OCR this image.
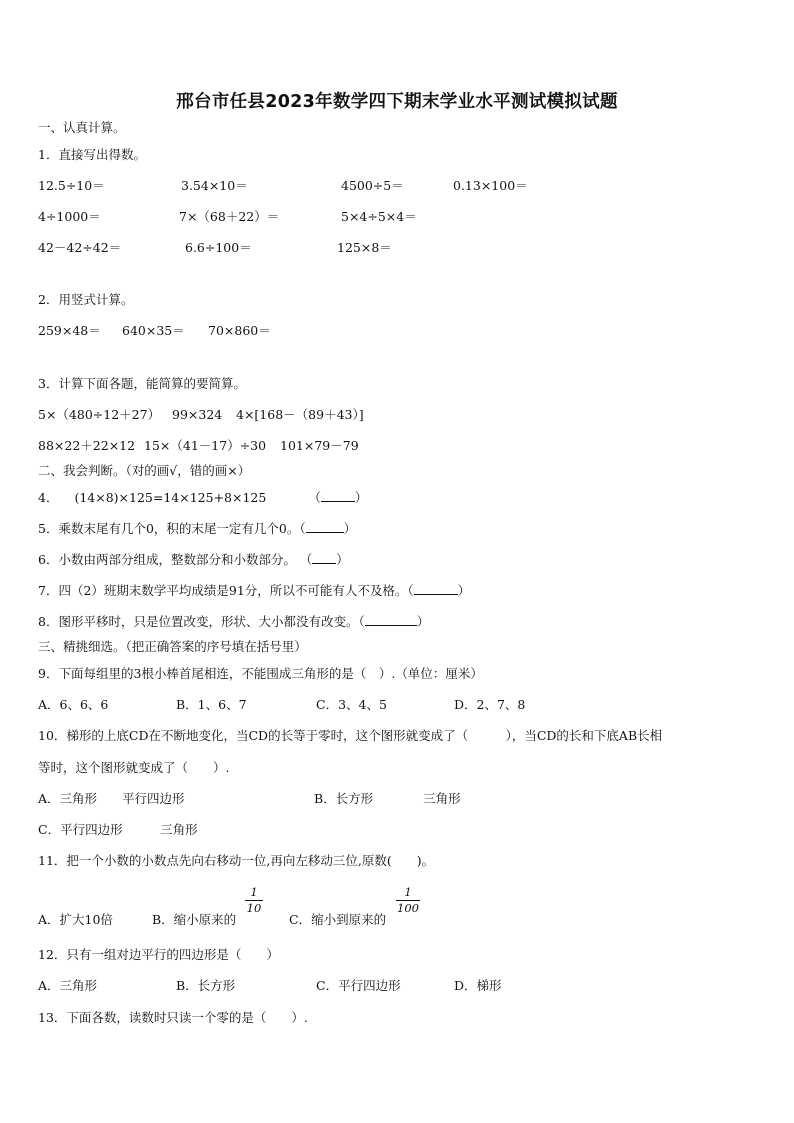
邢台市任县2023年数学四下期末学业水平测试模拟试题
一、认真计算。
1．直接写出得数。
12.5÷10＝	3.54×10＝	4500÷5＝	0.13×100＝
4÷1000＝	7×（68＋22）＝	5×4÷5×4＝
42－42÷42＝	6.6÷100＝	125×8＝
2．用竖式计算。
259×48＝ 640×35＝ 70×860＝
3．计算下面各题，能简算的要简算。
5×（480÷12＋27） 99×324 4×[168－（89＋43）]
88×22＋22×12 15×（41－17）÷30 101×79－79
二、我会判断。（对的画√，错的画×）
4． (14×8)×125=14×125+8×125	（	）
5．乘数末尾有几个0，积的末尾一定有几个0。（	）
6．小数由两部分组成，整数部分和小数部分。 （ ）
7．四（2）班期末数学平均成绩是91分，所以不可能有人不及格。（	）
8．图形平移时，只是位置改变，形状、大小都没有改变。（	）
三、精挑细选。（把正确答案的序号填在括号里）
9．下面每组里的3根小棒首尾相连，不能围成三角形的是（　）.（单位：厘米）
A．6、6、6	B．1、6、7	C．3、4、5	D．2、7、8
10．梯形的上底CD在不断地变化，当CD的长等于零时，这个图形就变成了（　　　），当CD的长和下底AB长相
等时，这个图形就变成了（　　）.
A．三角形　　平行四边形	B．长方形　　　　三角形
C．平行四边形　　　三角形
11．把一个小数的小数点先向右移动一位,再向左移动三位,原数(　　)。
A．扩大10倍	B．缩小原来的
1
10
C．缩小到原来的
1
100
12．只有一组对边平行的四边形是（　　）
A．三角形	B．长方形	C．平行四边形	D．梯形
13．下面各数，读数时只读一个零的是（　　）.
